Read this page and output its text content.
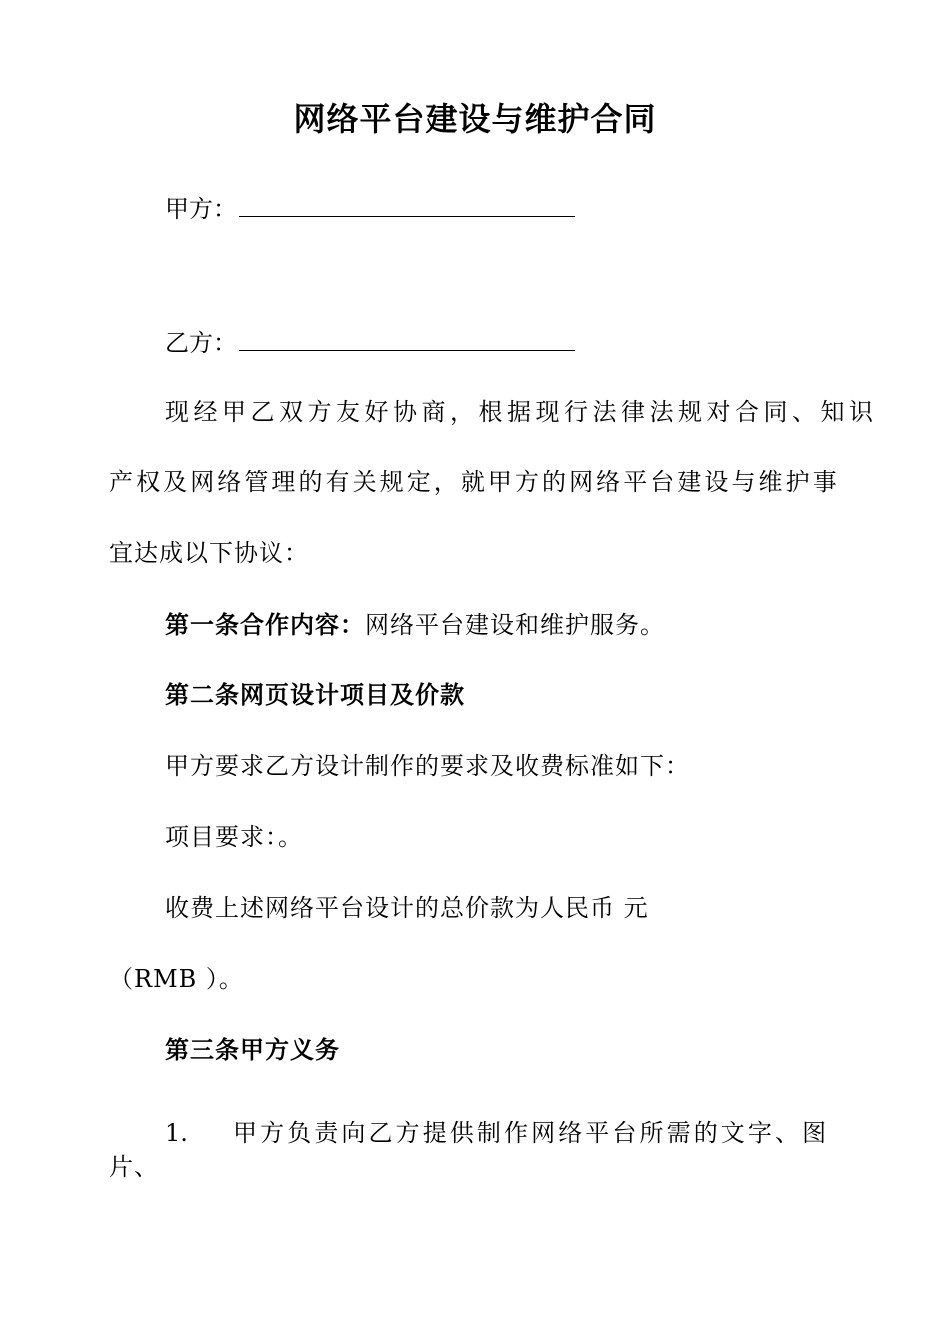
网络平台建设与维护合同
甲方：
乙方：
现经甲乙双方友好协商，根据现行法律法规对合同、知识
产权及网络管理的有关规定，就甲方的网络平台建设与维护事
宜达成以下协议：
第一条合作内容：网络平台建设和维护服务。
第二条网页设计项目及价款
甲方要求乙方设计制作的要求及收费标准如下：
项目要求：。
收费上述网络平台设计的总价款为人民币 元
（RMB ）。
第三条甲方义务
1. 甲方负责向乙方提供制作网络平台所需的文字、图
片、
